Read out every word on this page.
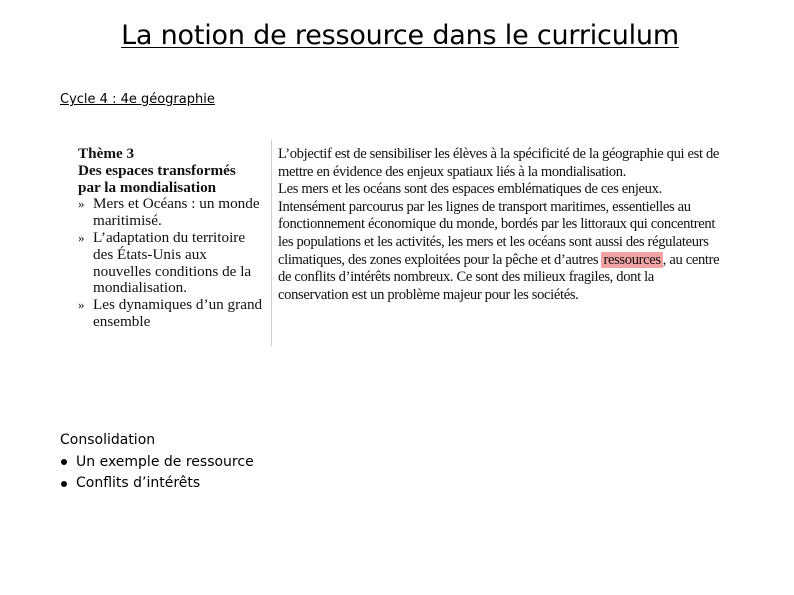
La notion de ressource dans le curriculum
Cycle 4 : 4e géographie
Thème 3
Des espaces transformés
par la mondialisation
» Mers et Océans : un monde maritimisé.
» L’adaptation du territoire des États-Unis aux nouvelles conditions de la mondialisation.
» Les dynamiques d’un grand ensemble

L’objectif est de sensibiliser les élèves à la spécificité de la géographie qui est de mettre en évidence des enjeux spatiaux liés à la mondialisation.

Les mers et les océans sont des espaces emblématiques de ces enjeux. Intensément parcourus par les lignes de transport maritimes, essentielles au fonctionnement économique du monde, bordés par les littoraux qui concentrent les populations et les activités, les mers et les océans sont aussi des régulateurs climatiques, des zones exploitées pour la pêche et d’autres ressources , au centre de conflits d’intérêts nombreux. Ce sont des milieux fragiles, dont la conservation est un problème majeur pour les sociétés.

Consolidation
Un exemple de ressource
Conflits d’intérêts
